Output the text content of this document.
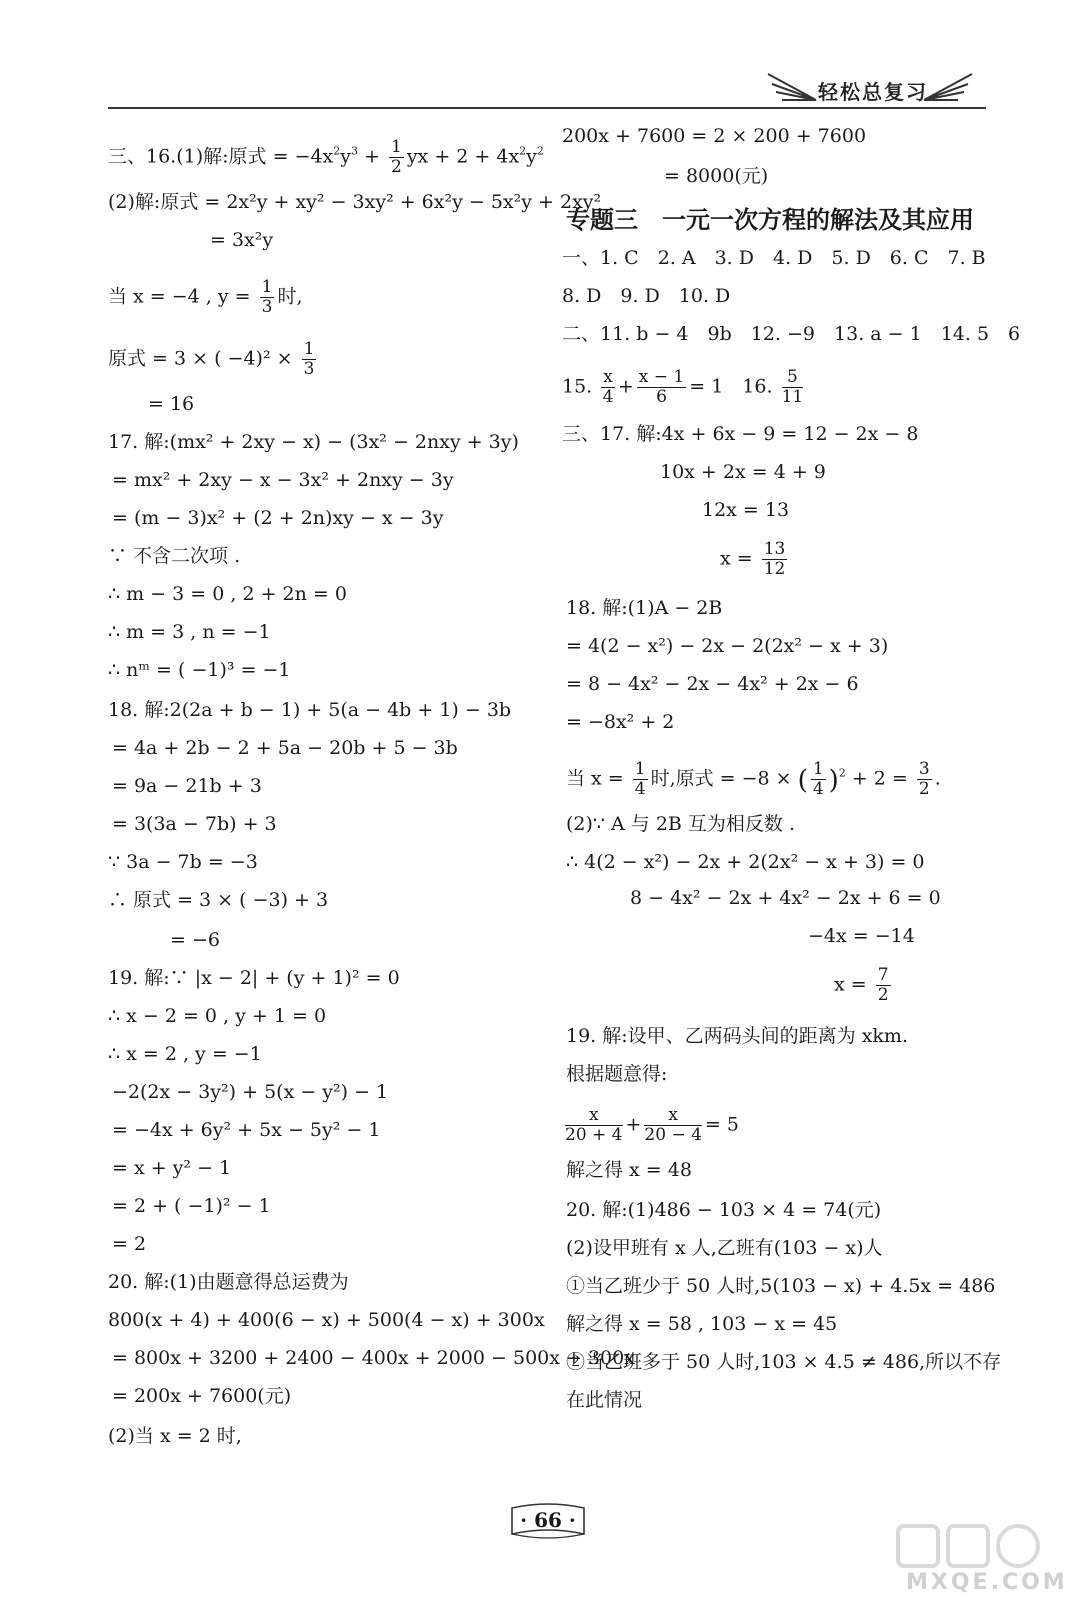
轻松总复习
三、16.(1)解:原式 = $-4x^2y^3 + \frac{1}{2}$ yx + $2 + 4x^2y^2$
(2)解:原式 = 2x²y + xy² − 3xy² + 6x²y − 5x²y + 2xy²
= 3x²y
当 x = −4 , $y = \frac{1}{3}$ 时,
原式 = 3 × ( $-4)^2 \times \frac{1}{3}$
= 16
17. 解:(mx² + 2xy − x) − (3x² − 2nxy + 3y)
= mx² + 2xy − x − 3x² + 2nxy − 3y
= (m − 3)x² + (2 + 2n)xy − x − 3y
∵ 不含二次项 .
∴ m − 3 = 0 , 2 + 2n = 0
∴ m = 3 , n = −1
∴ nᵐ = ( −1)³ = −1
18. 解:2(2a + b − 1) + 5(a − 4b + 1) − 3b
= 4a + 2b − 2 + 5a − 20b + 5 − 3b
= 9a − 21b + 3
= 3(3a − 7b) + 3
∵ 3a − 7b = −3
∴ 原式 = 3 × ( −3) + 3
= −6
19. 解:∵ |x − 2| + (y + 1)² = 0
∴ x − 2 = 0 , y + 1 = 0
∴ x = 2 , y = −1
−2(2x − 3y²) + 5(x − y²) − 1
= −4x + 6y² + 5x − 5y² − 1
= x + y² − 1
= 2 + ( −1)² − 1
= 2
20. 解:(1)由题意得总运费为
800(x + 4) + 400(6 − x) + 500(4 − x) + 300x
= 800x + 3200 + 2400 − 400x + 2000 − 500x + 300x
= 200x + 7600(元)
(2)当 x = 2 时,
200x + 7600 = 2 × 200 + 7600
= 8000(元)
专题三　一元一次方程的解法及其应用
一、1. C　2. A　3. D　4. D　5. D　6. C　7. B
8. D　9. D　10. D
二、11. b − 4　9b　12. −9　13. a − 1　14. 5　6
15. $\frac{x}{4} + \frac{x - 1}{6} = 1$　16. $\frac{5}{11}$
三、17. 解:4x + 6x − 9 = 12 − 2x − 8
10x + 2x = 4 + 9
12x = 13
$x = \frac{13}{12}$
18. 解:(1)A − 2B
= 4(2 − x²) − 2x − 2(2x² − x + 3)
= 8 − 4x² − 2x − 4x² + 2x − 6
= −8x² + 2
当 $x = \frac{1}{4}$ 时,原式 = −8 × ( $\frac{1}{4} )^2 + 2 = \frac{3}{2}$ .
(2)∵ A 与 2B 互为相反数 .
∴ 4(2 − x²) − 2x + 2(2x² − x + 3) = 0
8 − 4x² − 2x + 4x² − 2x + 6 = 0
−4x = −14
$x = \frac{7}{2}$
19. 解:设甲、乙两码头间的距离为 xkm.
根据题意得:
$\frac{x}{20 + 4} + \frac{x}{20 - 4} = 5$
解之得 x = 48
20. 解:(1)486 − 103 × 4 = 74(元)
(2)设甲班有 x 人,乙班有(103 − x)人
①当乙班少于 50 人时,5(103 − x) + 4.5x = 486
解之得 x = 58 , 103 − x = 45
②当乙班多于 50 人时,103 × 4.5 ≠ 486,所以不存
在此情况
· 66 ·
MXQE.COM
